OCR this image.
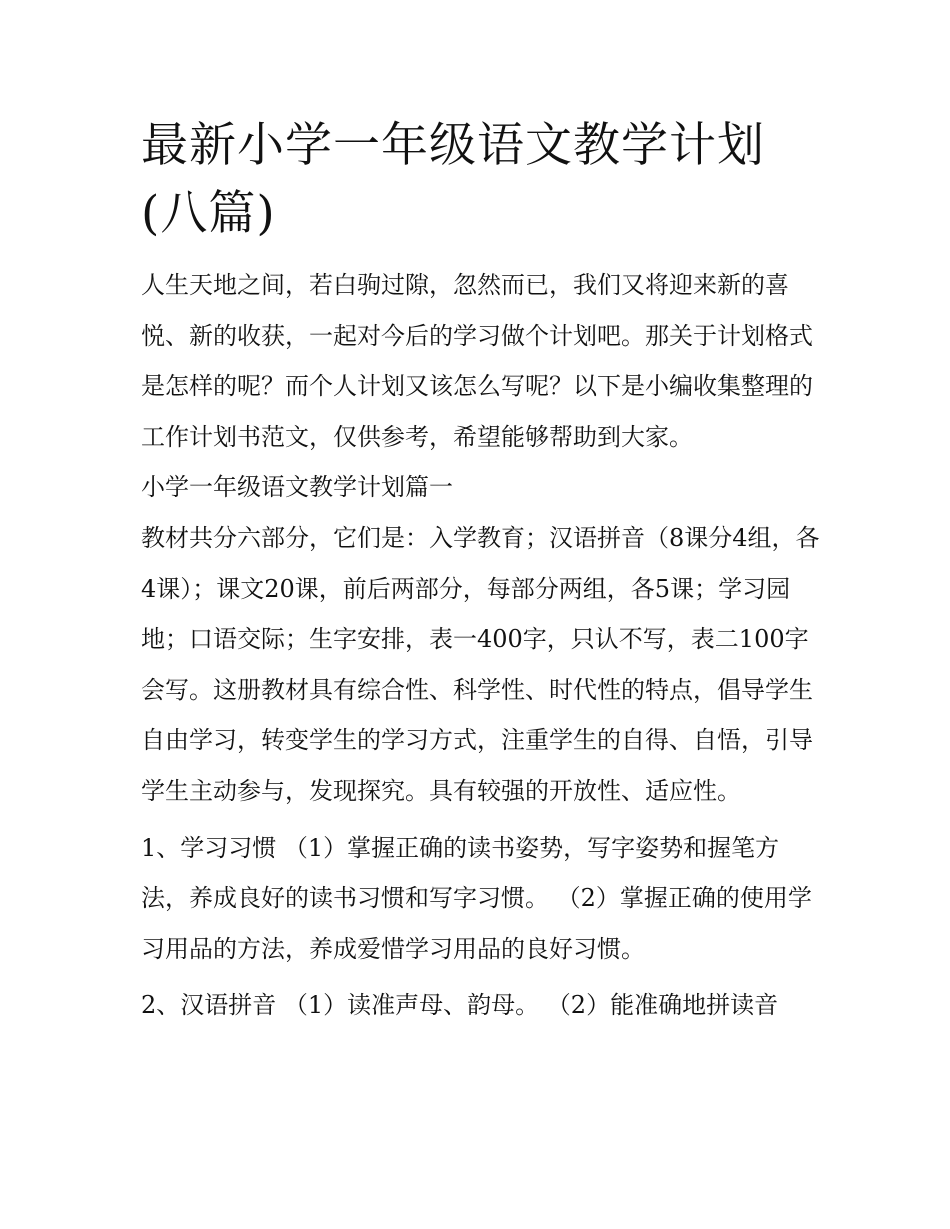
最新小学一年级语文教学计划(八篇)

人生天地之间，若白驹过隙，忽然而已，我们又将迎来新的喜悦、新的收获，一起对今后的学习做个计划吧。那关于计划格式是怎样的呢？而个人计划又该怎么写呢？以下是小编收集整理的工作计划书范文，仅供参考，希望能够帮助到大家。

小学一年级语文教学计划篇一

教材共分六部分，它们是：入学教育；汉语拼音（8课分4组，各4课）；课文20课，前后两部分，每部分两组，各5课；学习园地；口语交际；生字安排，表一400字，只认不写，表二100字会写。这册教材具有综合性、科学性、时代性的特点，倡导学生自由学习，转变学生的学习方式，注重学生的自得、自悟，引导学生主动参与，发现探究。具有较强的开放性、适应性。

1、学习习惯 （1）掌握正确的读书姿势，写字姿势和握笔方法，养成良好的读书习惯和写字习惯。 （2）掌握正确的使用学习用品的方法，养成爱惜学习用品的良好习惯。

2、汉语拼音 （1）读准声母、韵母。 （2）能准确地拼读音
